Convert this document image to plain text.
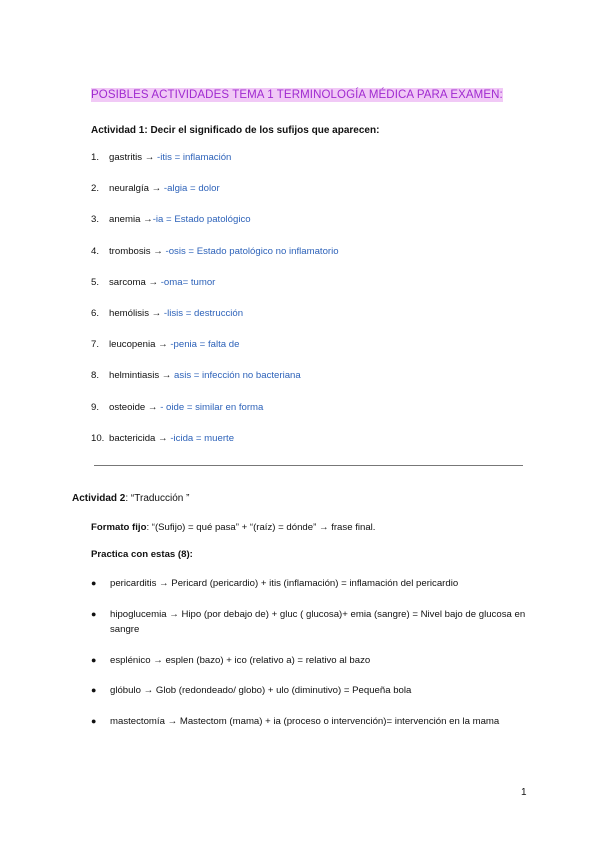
POSIBLES ACTIVIDADES TEMA 1 TERMINOLOGÍA MÉDICA PARA EXAMEN:
Actividad 1: Decir el significado de los sufijos que aparecen:
1. gastritis → -itis = inflamación
2. neuralgía → -algia = dolor
3. anemia →-ia = Estado patológico
4. trombosis → -osis = Estado patológico no inflamatorio
5. sarcoma → -oma= tumor
6. hemólisis → -lisis = destrucción
7. leucopenia → -penia = falta de
8. helmintiasis → asis = infección no bacteriana
9. osteoide → - oide = similar en forma
10. bactericida → -icida = muerte
Actividad 2: “Traducción ”
Formato fijo: “(Sufijo) = qué pasa” + “(raíz) = dónde” → frase final.
Practica con estas (8):
● pericarditis → Pericard (pericardio) + itis (inflamación) = inflamación del pericardio
● hipoglucemia → Hipo (por debajo de) + gluc ( glucosa)+ emia (sangre) = Nivel bajo de glucosa en sangre
● esplénico → esplen (bazo) + ico (relativo a) = relativo al bazo
● glóbulo → Glob (redondeado/ globo) + ulo (diminutivo) = Pequeña bola
● mastectomía → Mastectom (mama) + ia (proceso o intervención)= intervención en la mama
1
